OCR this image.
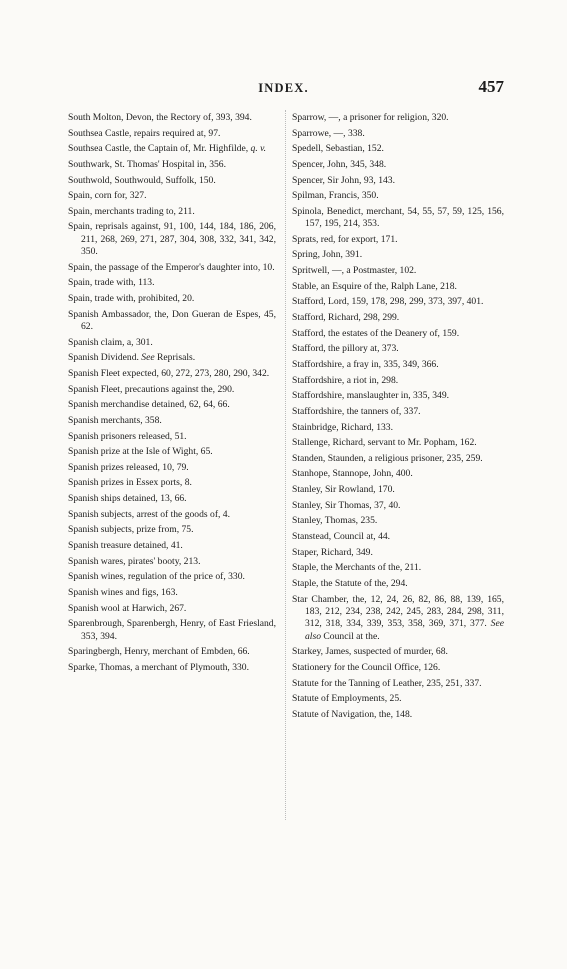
INDEX.	457

South Molton, Devon, the Rectory of, 393, 394.

Southsea Castle, repairs required at, 97.

Southsea Castle, the Captain of, Mr. Highfilde, q. v.

Southwark, St. Thomas' Hospital in, 356.

Southwold, Southwould, Suffolk, 150.

Spain, corn for, 327.

Spain, merchants trading to, 211.

Spain, reprisals against, 91, 100, 144, 184, 186, 206, 211, 268, 269, 271, 287, 304, 308, 332, 341, 342, 350.

Spain, the passage of the Emperor's daughter into, 10.

Spain, trade with, 113.

Spain, trade with, prohibited, 20.

Spanish Ambassador, the, Don Gueran de Espes, 45, 62.

Spanish claim, a, 301.

Spanish Dividend. See Reprisals.

Spanish Fleet expected, 60, 272, 273, 280, 290, 342.

Spanish Fleet, precautions against the, 290.

Spanish merchandise detained, 62, 64, 66.

Spanish merchants, 358.

Spanish prisoners released, 51.

Spanish prize at the Isle of Wight, 65.

Spanish prizes released, 10, 79.

Spanish prizes in Essex ports, 8.

Spanish ships detained, 13, 66.

Spanish subjects, arrest of the goods of, 4.

Spanish subjects, prize from, 75.

Spanish treasure detained, 41.

Spanish wares, pirates' booty, 213.

Spanish wines, regulation of the price of, 330.

Spanish wines and figs, 163.

Spanish wool at Harwich, 267.

Sparenbrough, Sparenbergh, Henry, of East Friesland, 353, 394.

Sparingbergh, Henry, merchant of Embden, 66.

Sparke, Thomas, a merchant of Plymouth, 330.

Sparrow, —, a prisoner for religion, 320.

Sparrowe, —, 338.

Spedell, Sebastian, 152.

Spencer, John, 345, 348.

Spencer, Sir John, 93, 143.

Spilman, Francis, 350.

Spinola, Benedict, merchant, 54, 55, 57, 59, 125, 156, 157, 195, 214, 353.

Sprats, red, for export, 171.

Spring, John, 391.

Spritwell, —, a Postmaster, 102.

Stable, an Esquire of the, Ralph Lane, 218.

Stafford, Lord, 159, 178, 298, 299, 373, 397, 401.

Stafford, Richard, 298, 299.

Stafford, the estates of the Deanery of, 159.

Stafford, the pillory at, 373.

Staffordshire, a fray in, 335, 349, 366.

Staffordshire, a riot in, 298.

Staffordshire, manslaughter in, 335, 349.

Staffordshire, the tanners of, 337.

Stainbridge, Richard, 133.

Stallenge, Richard, servant to Mr. Popham, 162.

Standen, Staunden, a religious prisoner, 235, 259.

Stanhope, Stannope, John, 400.

Stanley, Sir Rowland, 170.

Stanley, Sir Thomas, 37, 40.

Stanley, Thomas, 235.

Stanstead, Council at, 44.

Staper, Richard, 349.

Staple, the Merchants of the, 211.

Staple, the Statute of the, 294.

Star Chamber, the, 12, 24, 26, 82, 86, 88, 139, 165, 183, 212, 234, 238, 242, 245, 283, 284, 298, 311, 312, 318, 334, 339, 353, 358, 369, 371, 377. See also Council at the.

Starkey, James, suspected of murder, 68.

Stationery for the Council Office, 126.

Statute for the Tanning of Leather, 235, 251, 337.

Statute of Employments, 25.

Statute of Navigation, the, 148.
